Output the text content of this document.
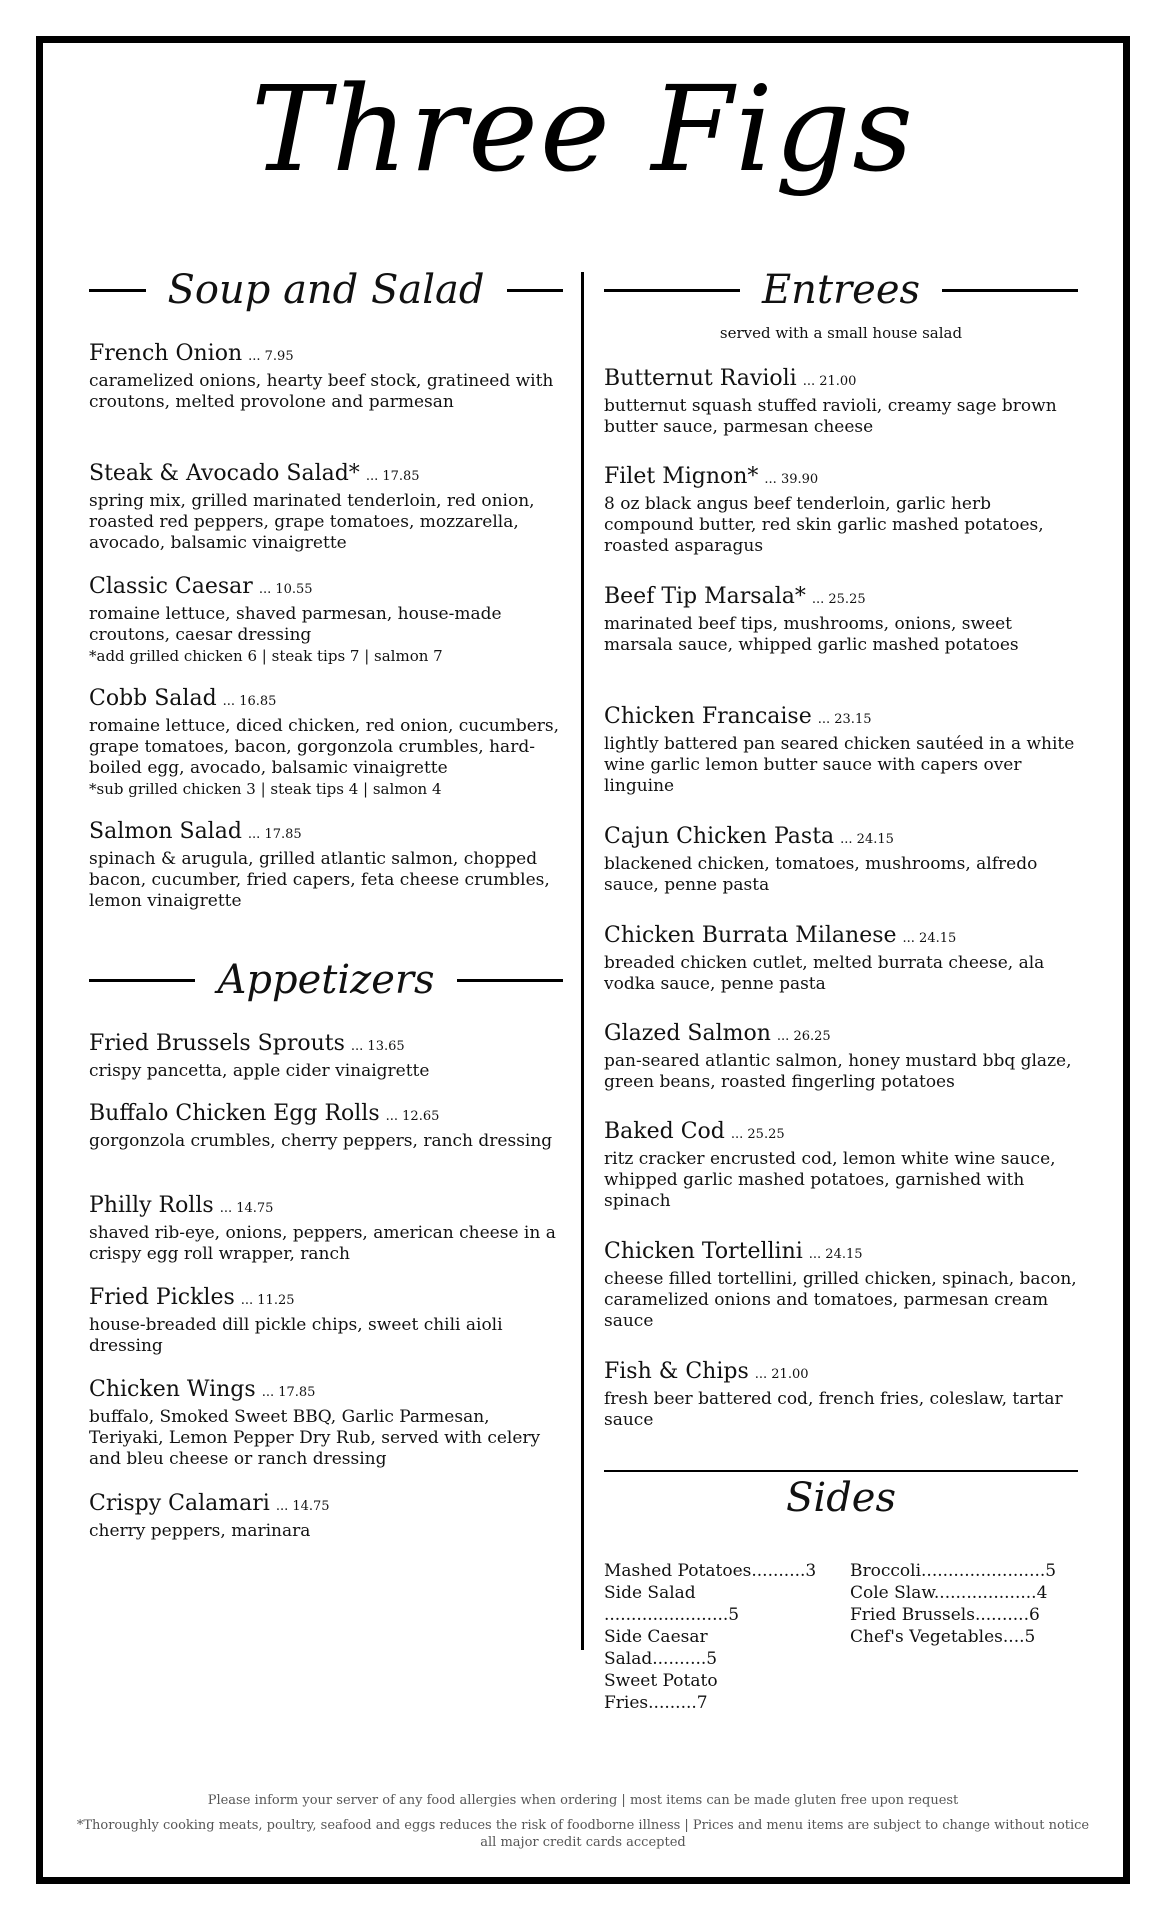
Three Figs
Soup and Salad
French Onion ... 7.95
caramelized onions, hearty beef stock, gratineed with croutons, melted provolone and parmesan
Steak & Avocado Salad* ... 17.85
spring mix, grilled marinated tenderloin, red onion, roasted red peppers, grape tomatoes, mozzarella, avocado, balsamic vinaigrette
Classic Caesar ... 10.55
romaine lettuce, shaved parmesan, house-made croutons, caesar dressing
*add grilled chicken 6 | steak tips 7 | salmon 7
Cobb Salad ... 16.85
romaine lettuce, diced chicken, red onion, cucumbers, grape tomatoes, bacon, gorgonzola crumbles, hard-boiled egg, avocado, balsamic vinaigrette
*sub grilled chicken 3 | steak tips 4 | salmon 4
Salmon Salad ... 17.85
spinach & arugula, grilled atlantic salmon, chopped bacon, cucumber, fried capers, feta cheese crumbles, lemon vinaigrette
Appetizers
Fried Brussels Sprouts ... 13.65
crispy pancetta, apple cider vinaigrette
Buffalo Chicken Egg Rolls ... 12.65
gorgonzola crumbles, cherry peppers, ranch dressing
Philly Rolls ... 14.75
shaved rib-eye, onions, peppers, american cheese in a crispy egg roll wrapper, ranch
Fried Pickles ... 11.25
house-breaded dill pickle chips, sweet chili aioli dressing
Chicken Wings ... 17.85
buffalo, Smoked Sweet BBQ, Garlic Parmesan, Teriyaki, Lemon Pepper Dry Rub, served with celery and bleu cheese or ranch dressing
Crispy Calamari ... 14.75
cherry peppers, marinara
Entrees
served with a small house salad
Butternut Ravioli ... 21.00
butternut squash stuffed ravioli, creamy sage brown butter sauce, parmesan cheese
Filet Mignon* ... 39.90
8 oz black angus beef tenderloin, garlic herb compound butter, red skin garlic mashed potatoes, roasted asparagus
Beef Tip Marsala* ... 25.25
marinated beef tips, mushrooms, onions, sweet marsala sauce, whipped garlic mashed potatoes
Chicken Francaise ... 23.15
lightly battered pan seared chicken sautéed in a white wine garlic lemon butter sauce with capers over linguine
Cajun Chicken Pasta ... 24.15
blackened chicken, tomatoes, mushrooms, alfredo sauce, penne pasta
Chicken Burrata Milanese ... 24.15
breaded chicken cutlet, melted burrata cheese, ala vodka sauce, penne pasta
Glazed Salmon ... 26.25
pan-seared atlantic salmon, honey mustard bbq glaze, green beans, roasted fingerling potatoes
Baked Cod ... 25.25
ritz cracker encrusted cod, lemon white wine sauce, whipped garlic mashed potatoes, garnished with spinach
Chicken Tortellini ... 24.15
cheese filled tortellini, grilled chicken, spinach, bacon, caramelized onions and tomatoes, parmesan cream sauce
Fish & Chips ... 21.00
fresh beer battered cod, french fries, coleslaw, tartar sauce
Sides
Mashed Potatoes..........3
Side Salad .......................5
Side Caesar Salad..........5
Sweet Potato Fries.........7
Broccoli.......................5
Cole Slaw...................4
Fried Brussels..........6
Chef's Vegetables....5
Please inform your server of any food allergies when ordering | most items can be made gluten free upon request
*Thoroughly cooking meats, poultry, seafood and eggs reduces the risk of foodborne illness | Prices and menu items are subject to change without notice
all major credit cards accepted
